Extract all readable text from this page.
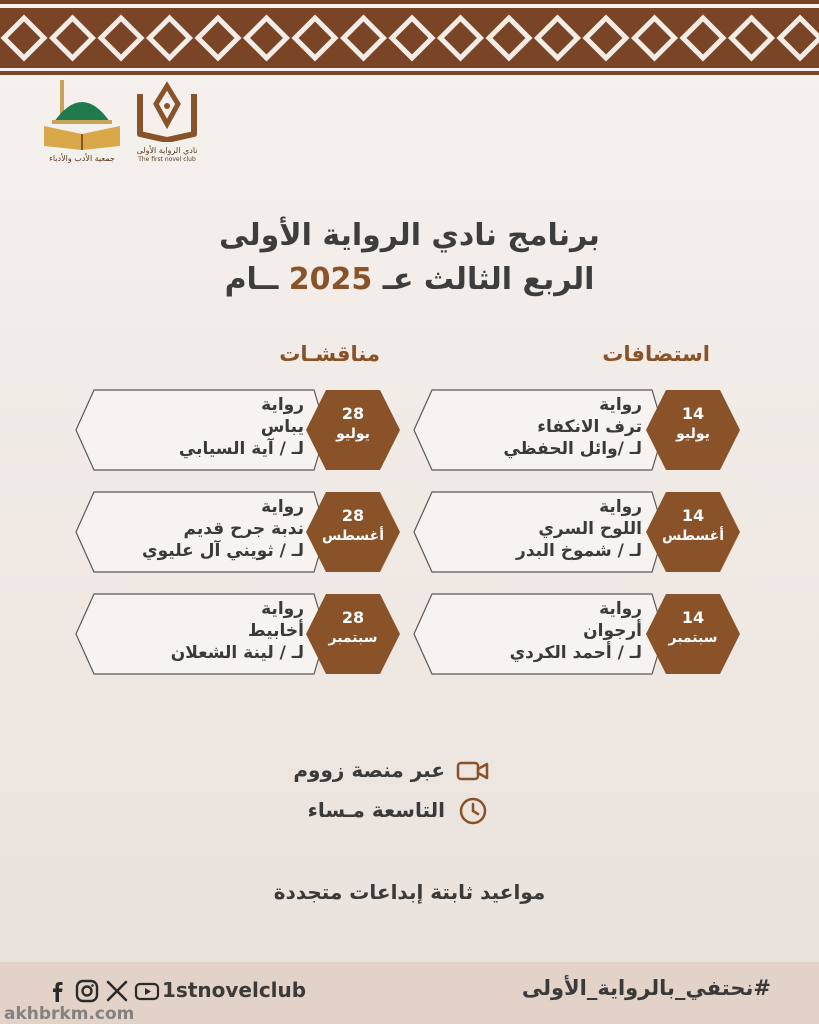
جمعية الأدب والأدباء
نادي الرواية الأولى
The first novel club
برنامج نادي الرواية الأولى
الربع الثالث عـ 2025 ــام
استضافات
مناقشـات
رواية
ترف الانكفاء
لـ /وائل الحفظي
14
يوليو
رواية
اللوح السري
لـ / شموخ البدر
14
أغسطس
رواية
أرجوان
لـ / أحمد الكردي
14
سبتمبر
رواية
يباس
لـ / آية السيابي
28
يوليو
رواية
ندبة جرح قديم
لـ / ثويني آل عليوي
28
أغسطس
رواية
أخابيط
لـ / لينة الشعلان
28
سبتمبر
عبر منصة زووم
التاسعة مـساء
مواعيد ثابتة إبداعات متجددة
1stnovelclub	#نحتفي_بالرواية_الأولى
akhbrkm.com
